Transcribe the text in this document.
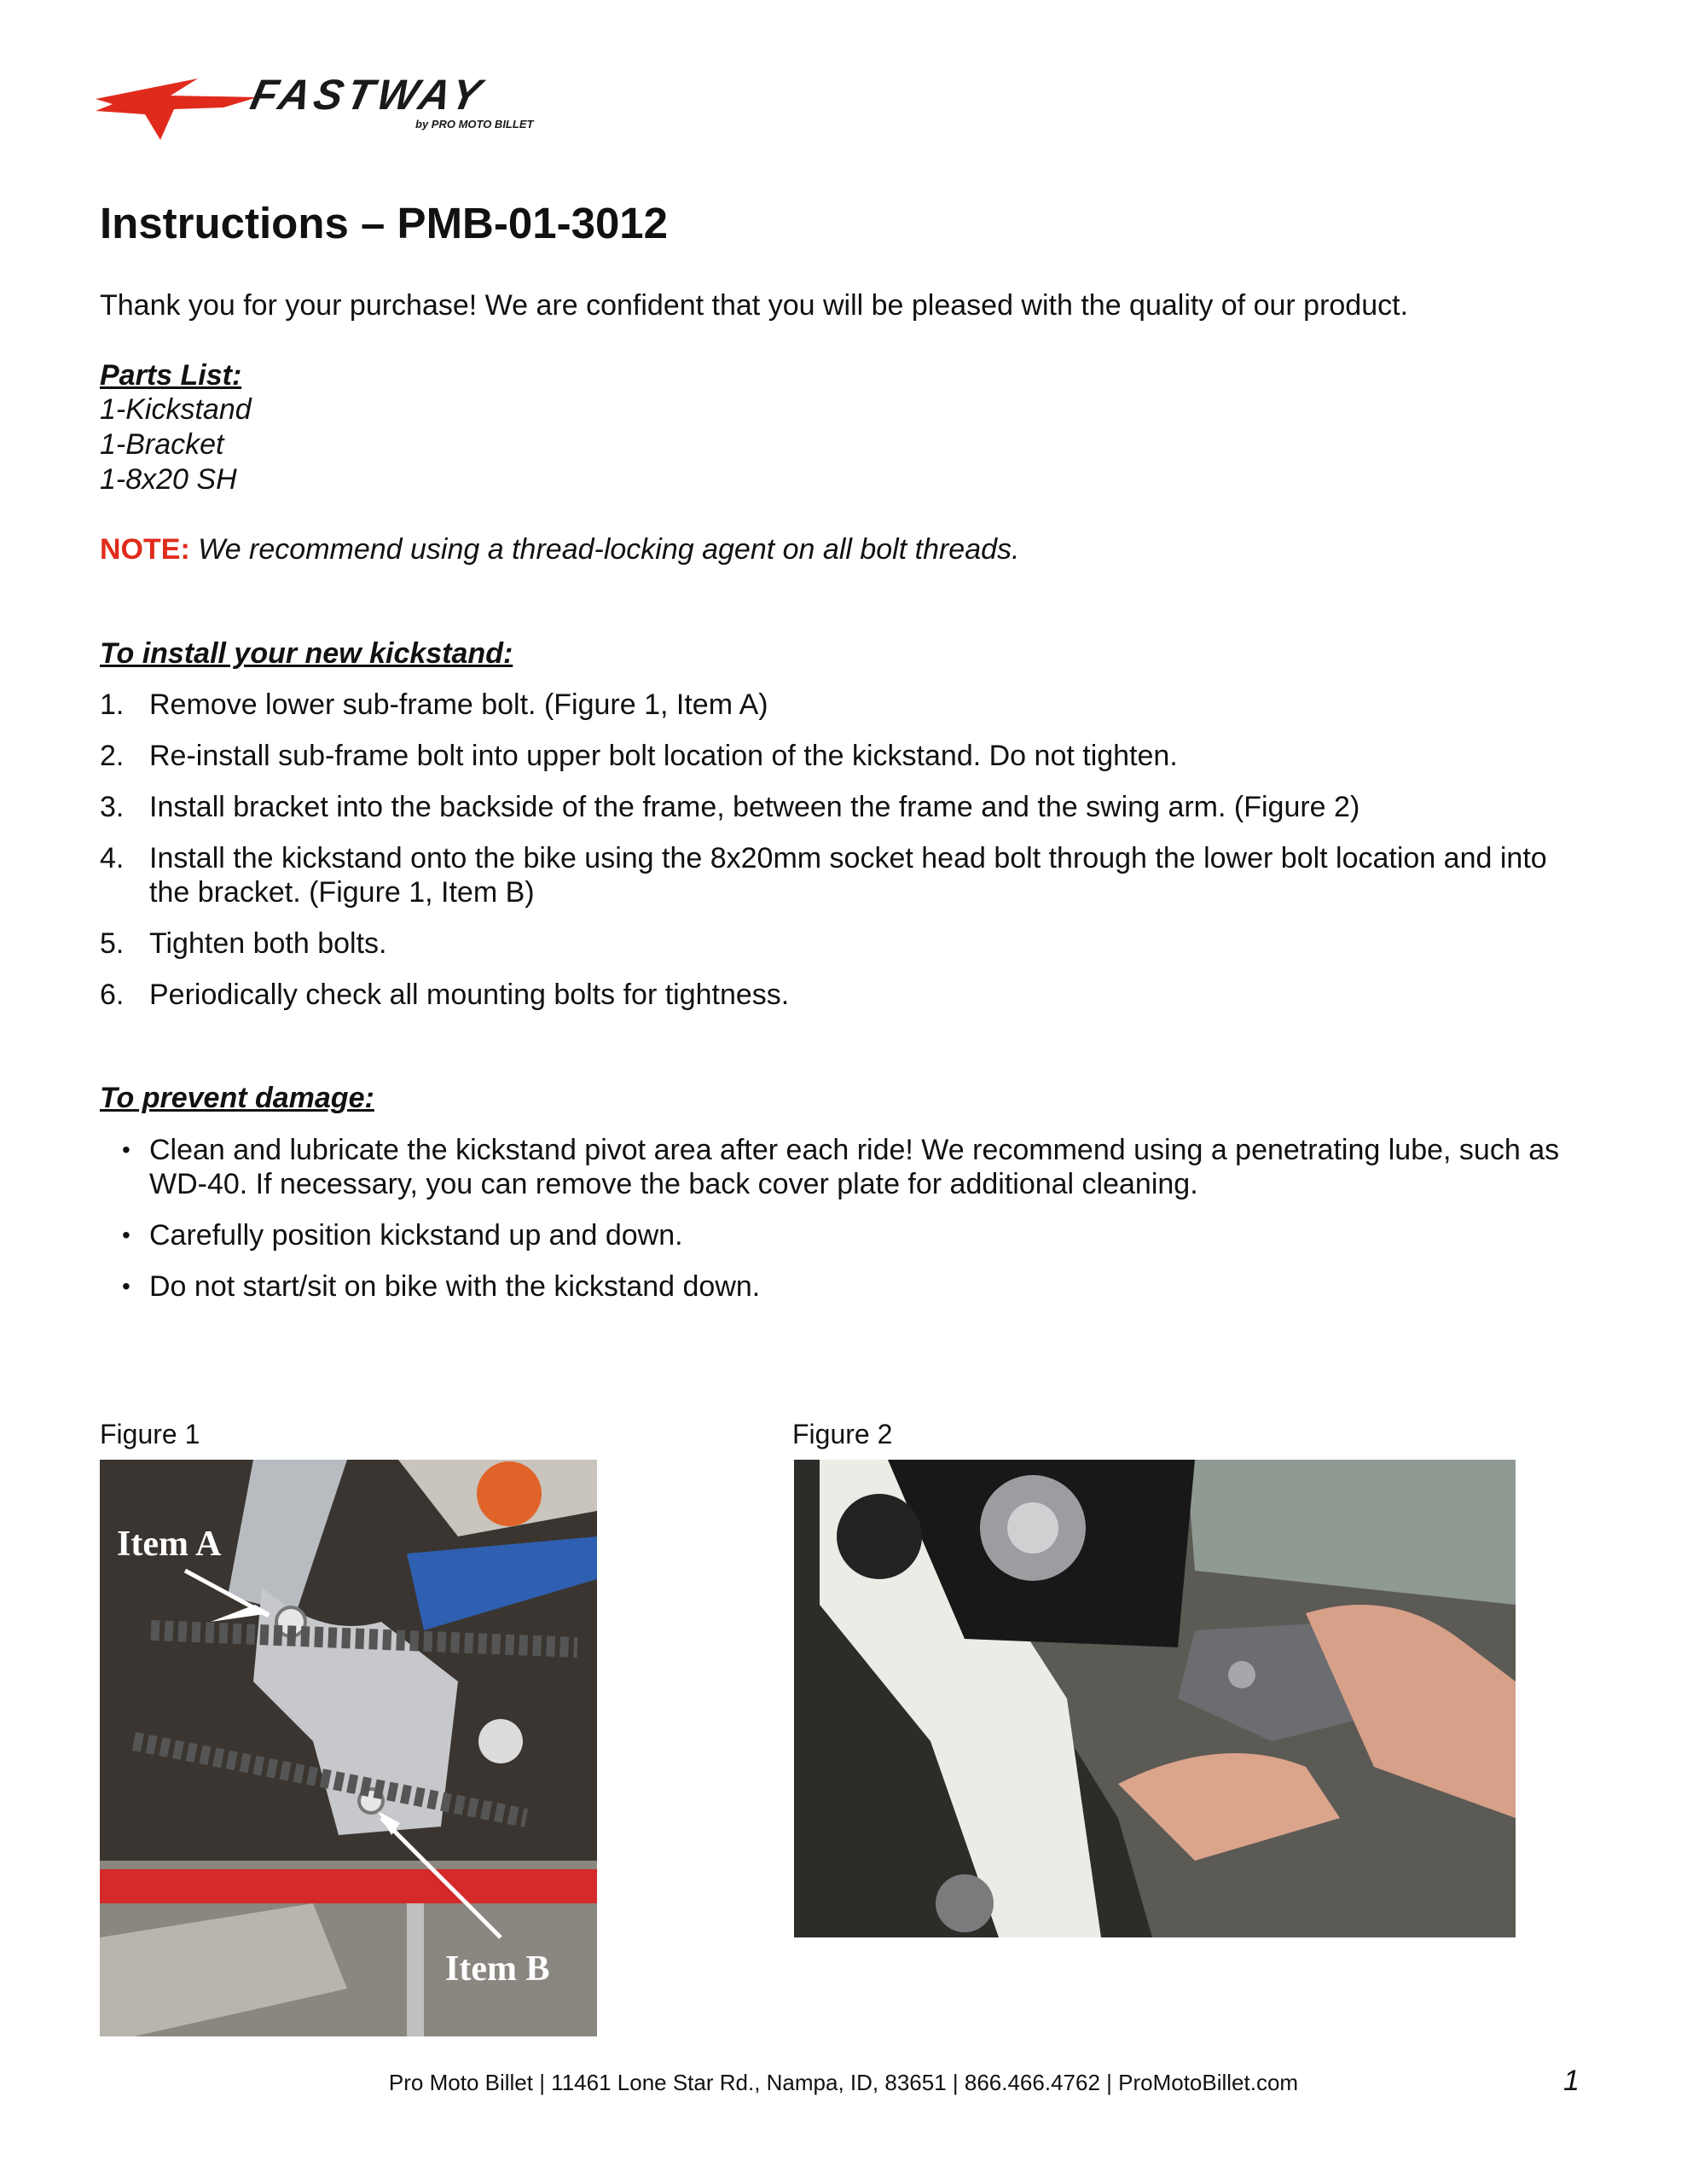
FASTWAY
by PRO MOTO BILLET
Instructions – PMB-01-3012
Thank you for your purchase! We are confident that you will be pleased with the quality of our product.
Parts List:
1-Kickstand
1-Bracket
1-8x20 SH
NOTE: We recommend using a thread-locking agent on all bolt threads.
To install your new kickstand:
1. Remove lower sub-frame bolt. (Figure 1, Item A)
2. Re-install sub-frame bolt into upper bolt location of the kickstand. Do not tighten.
3. Install bracket into the backside of the frame, between the frame and the swing arm. (Figure 2)
4. Install the kickstand onto the bike using the 8x20mm socket head bolt through the lower bolt location and into the bracket. (Figure 1, Item B)
5. Tighten both bolts.
6. Periodically check all mounting bolts for tightness.
To prevent damage:
• Clean and lubricate the kickstand pivot area after each ride! We recommend using a penetrating lube, such as WD-40. If necessary, you can remove the back cover plate for additional cleaning.
• Carefully position kickstand up and down.
• Do not start/sit on bike with the kickstand down.
Figure 1
Item A
Item B
Figure 2
Pro Moto Billet | 11461 Lone Star Rd., Nampa, ID, 83651 | 866.466.4762 | ProMotoBillet.com	1
